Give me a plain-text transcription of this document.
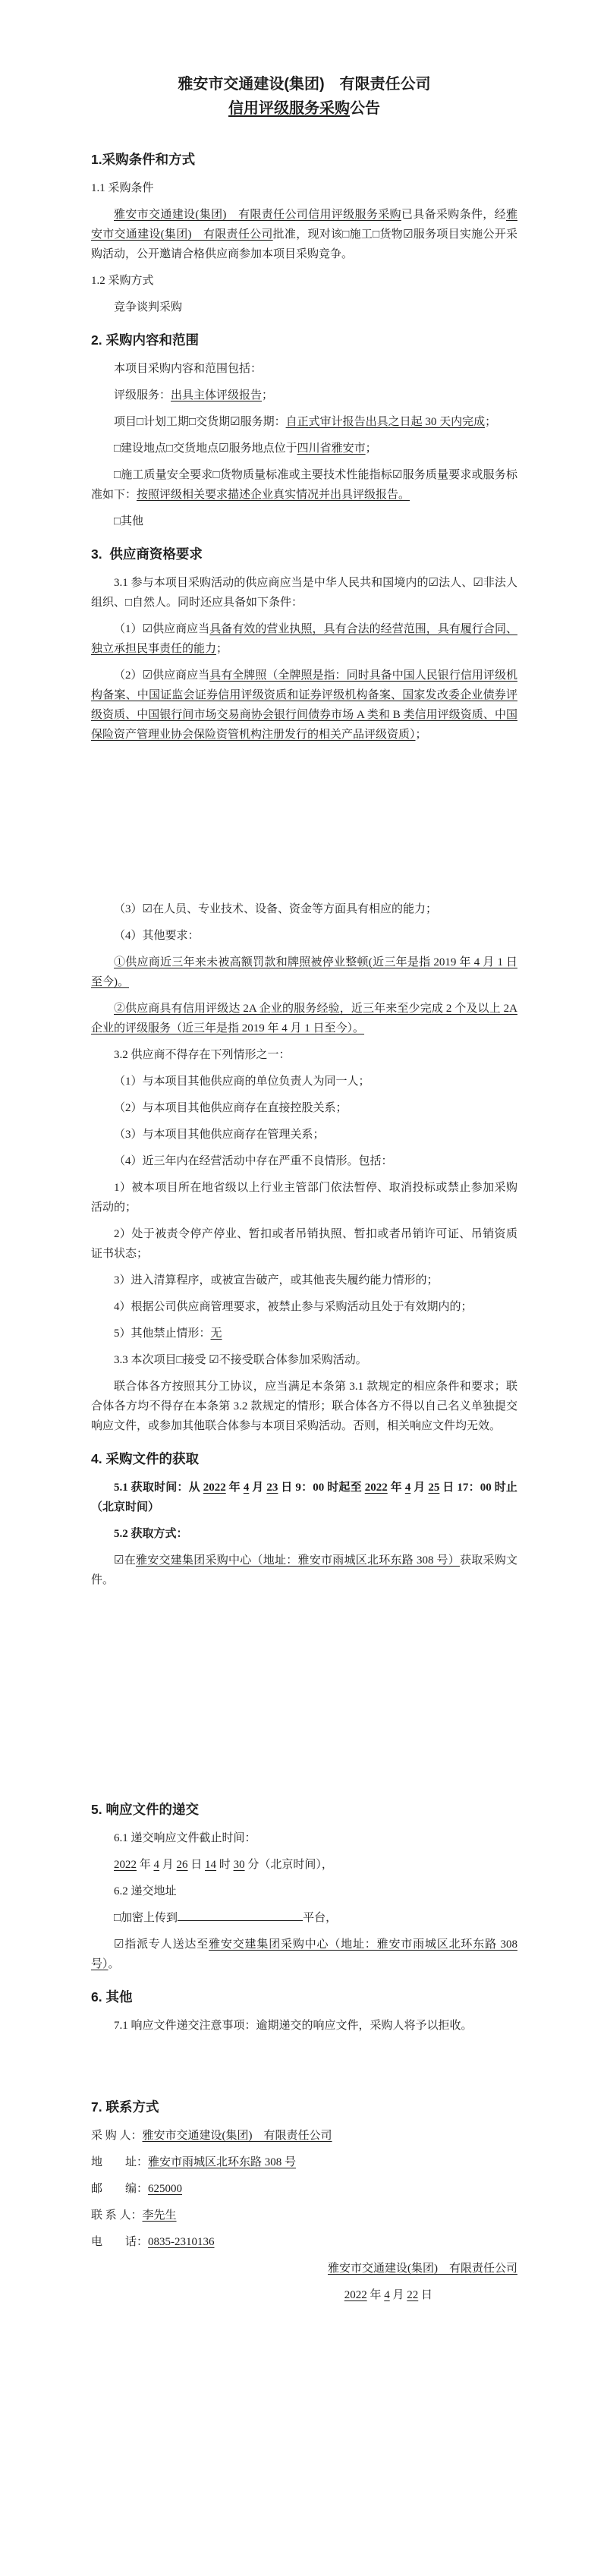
雅安市交通建设(集团)　有限责任公司
信用评级服务采购公告
1.采购条件和方式
1.1 采购条件
雅安市交通建设(集团)　有限责任公司信用评级服务采购已具备采购条件，经雅安市交通建设(集团)　有限责任公司批准，现对该□施工□货物☑服务项目实施公开采购活动，公开邀请合格供应商参加本项目采购竞争。
1.2 采购方式
竞争谈判采购
2. 采购内容和范围
本项目采购内容和范围包括：
评级服务：出具主体评级报告；
项目□计划工期□交货期☑服务期：自正式审计报告出具之日起 30 天内完成；
□建设地点□交货地点☑服务地点位于四川省雅安市；
□施工质量安全要求□货物质量标准或主要技术性能指标☑服务质量要求或服务标准如下：按照评级相关要求描述企业真实情况并出具评级报告。
□其他
3.  供应商资格要求
3.1 参与本项目采购活动的供应商应当是中华人民共和国境内的☑法人、☑非法人组织、□自然人。同时还应具备如下条件：
（1）☑供应商应当具备有效的营业执照，具有合法的经营范围，具有履行合同、独立承担民事责任的能力；
（2）☑供应商应当具有全牌照（全牌照是指：同时具备中国人民银行信用评级机构备案、中国证监会证券信用评级资质和证券评级机构备案、国家发改委企业债券评级资质、中国银行间市场交易商协会银行间债券市场 A 类和 B 类信用评级资质、中国保险资产管理业协会保险资管机构注册发行的相关产品评级资质）；
（3）☑在人员、专业技术、设备、资金等方面具有相应的能力；
（4）其他要求：
①供应商近三年来未被高额罚款和牌照被停业整顿(近三年是指 2019 年 4 月 1 日至今)。
②供应商具有信用评级达 2A 企业的服务经验，近三年来至少完成 2 个及以上 2A 企业的评级服务（近三年是指 2019 年 4 月 1 日至今）。
3.2 供应商不得存在下列情形之一：
（1）与本项目其他供应商的单位负责人为同一人；
（2）与本项目其他供应商存在直接控股关系；
（3）与本项目其他供应商存在管理关系；
（4）近三年内在经营活动中存在严重不良情形。包括：
1）被本项目所在地省级以上行业主管部门依法暂停、取消投标或禁止参加采购活动的；
2）处于被责令停产停业、暂扣或者吊销执照、暂扣或者吊销许可证、吊销资质证书状态；
3）进入清算程序，或被宣告破产，或其他丧失履约能力情形的；
4）根据公司供应商管理要求，被禁止参与采购活动且处于有效期内的；
5）其他禁止情形：无
3.3 本次项目□接受 ☑不接受联合体参加采购活动。
联合体各方按照其分工协议，应当满足本条第 3.1 款规定的相应条件和要求；联合体各方均不得存在本条第 3.2 款规定的情形；联合体各方不得以自己名义单独提交响应文件，或参加其他联合体参与本项目采购活动。否则，相关响应文件均无效。
4. 采购文件的获取
5.1 获取时间：从 2022 年 4 月 23 日 9：00 时起至 2022 年 4 月 25 日 17：00 时止（北京时间）
5.2 获取方式：
☑在雅安交建集团采购中心（地址：雅安市雨城区北环东路 308 号）获取采购文件。
5. 响应文件的递交
6.1 递交响应文件截止时间：
2022 年 4 月 26 日 14 时 30 分（北京时间），
6.2 递交地址
□加密上传到	平台，
☑指派专人送达至雅安交建集团采购中心（地址：雅安市雨城区北环东路 308 号）。
6. 其他
7.1 响应文件递交注意事项：逾期递交的响应文件，采购人将予以拒收。
7. 联系方式
采 购 人：雅安市交通建设(集团)　有限责任公司
地　　址：雅安市雨城区北环东路 308 号
邮　　编：625000
联 系 人：李先生
电　　话：0835-2310136
雅安市交通建设(集团)　有限责任公司
2022 年 4 月 22 日
